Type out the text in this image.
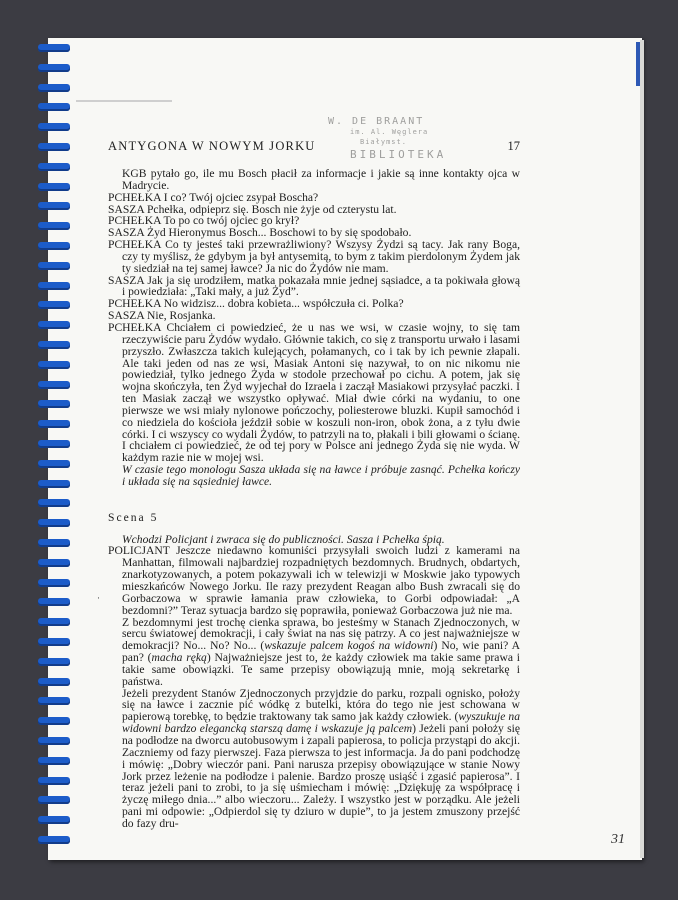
W. DE BRAANT
im. Al. Węglera
Białymst.
BIBLIOTEKA
ANTYGONA W NOWYM JORKU	17

KGB pytało go, ile mu Bosch płacił za informacje i jakie są inne kontakty ojca w Madrycie.

PCHEŁKA I co? Twój ojciec zsypał Boscha?

SASZA Pchełka, odpieprz się. Bosch nie żyje od czterystu lat.

PCHEŁKA To po co twój ojciec go krył?

SASZA Żyd Hieronymus Bosch... Boschowi to by się spodobało.

PCHEŁKA Co ty jesteś taki przewrażliwiony? Wszysy Żydzi są tacy. Jak rany Boga, czy ty myślisz, że gdybym ja był antysemitą, to bym z takim pierdolonym Żydem jak ty siedział na tej samej ławce? Ja nic do Żydów nie mam.

SASZA Jak ja się urodziłem, matka pokazała mnie jednej sąsiadce, a ta pokiwała głową i powiedziała: „Taki mały, a już Żyd”.

PCHEŁKA No widzisz... dobra kobieta... współczuła ci. Polka?

SASZA Nie, Rosjanka.

PCHEŁKA Chciałem ci powiedzieć, że u nas we wsi, w czasie wojny, to się tam rzeczywiście paru Żydów wydało. Głównie takich, co się z transportu urwało i lasami przyszło. Zwłaszcza takich kulejących, połamanych, co i tak by ich pewnie złapali. Ale taki jeden od nas ze wsi, Masiak Antoni się nazywał, to on nic nikomu nie powiedział, tylko jednego Żyda w stodole przechował po cichu. A potem, jak się wojna skończyła, ten Żyd wyjechał do Izraela i zaczął Masiakowi przysyłać paczki. I ten Masiak zaczął we wszystko opływać. Miał dwie córki na wydaniu, to one pierwsze we wsi miały nylonowe pończochy, poliesterowe bluzki. Kupił samochód i co niedziela do kościoła jeździł sobie w koszuli non-iron, obok żona, a z tyłu dwie córki. I ci wszyscy co wydali Żydów, to patrzyli na to, płakali i bili głowami o ścianę. I chciałem ci powiedzieć, że od tej pory w Polsce ani jednego Żyda się nie wyda. W każdym razie nie w mojej wsi.

W czasie tego monologu Sasza układa się na ławce i próbuje zasnąć. Pchełka kończy i układa się na sąsiedniej ławce.

Scena 5

Wchodzi Policjant i zwraca się do publiczności. Sasza i Pchełka śpią.

POLICJANT Jeszcze niedawno komuniści przysyłali swoich ludzi z kamerami na Manhattan, filmowali najbardziej rozpadniętych bezdomnych. Brudnych, obdartych, znarkotyzowanych, a potem pokazywali ich w telewizji w Moskwie jako typowych mieszkańców Nowego Jorku. Ile razy prezydent Reagan albo Bush zwracali się do Gorbaczowa w sprawie łamania praw człowieka, to Gorbi odpowiadał: „A bezdomni?” Teraz sytuacja bardzo się poprawiła, ponieważ Gorbaczowa już nie ma.

Z bezdomnymi jest trochę cienka sprawa, bo jesteśmy w Stanach Zjednoczonych, w sercu światowej demokracji, i cały świat na nas się patrzy. A co jest najważniejsze w demokracji? No... No? No... (wskazuje palcem kogoś na widowni) No, wie pani? A pan? (macha ręką) Najważniejsze jest to, że każdy człowiek ma takie same prawa i takie same obowiązki. Te same przepisy obowiązują mnie, moją sekretarkę i państwa.

Jeżeli prezydent Stanów Zjednoczonych przyjdzie do parku, rozpali ognisko, położy się na ławce i zacznie pić wódkę z butelki, która do tego nie jest schowana w papierową torebkę, to będzie traktowany tak samo jak każdy człowiek. (wyszukuje na widowni bardzo elegancką starszą damę i wskazuje ją palcem) Jeżeli pani położy się na podłodze na dworcu autobusowym i zapali papierosa, to policja przystąpi do akcji. Zaczniemy od fazy pierwszej. Faza pierwsza to jest informacja. Ja do pani podchodzę i mówię: „Dobry wieczór pani. Pani narusza przepisy obowiązujące w stanie Nowy Jork przez leżenie na podłodze i palenie. Bardzo proszę usiąść i zgasić papierosa”. I teraz jeżeli pani to zrobi, to ja się uśmiecham i mówię: „Dziękuję za współpracę i życzę miłego dnia...” albo wieczoru... Zależy. I wszystko jest w porządku. Ale jeżeli pani mi odpowie: „Odpierdol się ty dziuro w dupie”, to ja jestem zmuszony przejść do fazy dru-

·
31
